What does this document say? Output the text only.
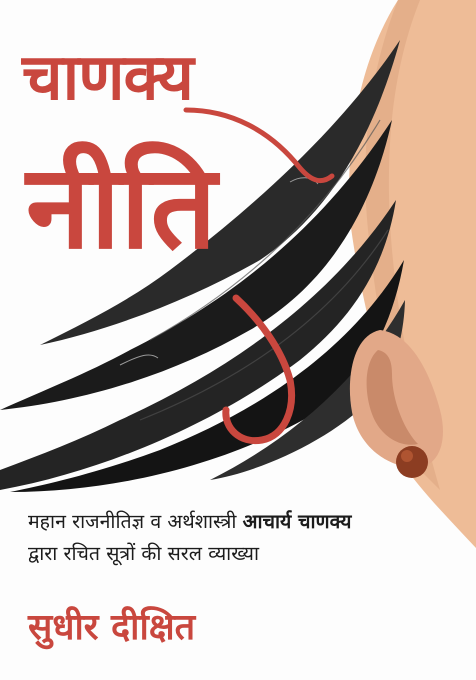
चाणक्य
नीति
महान राजनीतिज्ञ व अर्थशास्त्री आचार्य चाणक्य
द्वारा रचित सूत्रों की सरल व्याख्या
सुधीर दीक्षित
